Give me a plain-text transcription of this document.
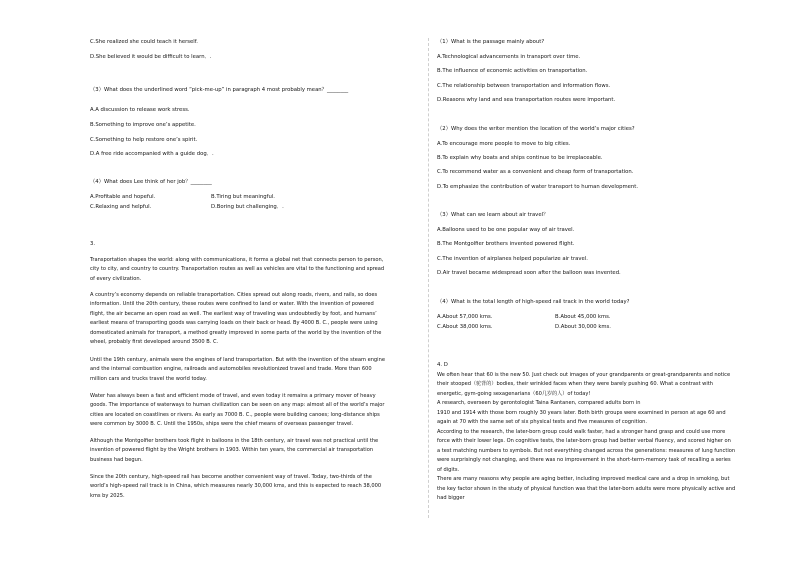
C.She realized she could teach it herself.
D.She believed it would be difficult to learn．.
（3）What does the underlined word “pick-me-up” in paragraph 4 most probably mean？________
A.A discussion to release work stress.
B.Something to improve one’s appetite.
C.Something to help restore one’s spirit.
D.A free ride accompanied with a guide dog．.
（4）What does Lee think of her job？________
A.Profitable and hopeful.	B.Tiring but meaningful.
C.Relaxing and helpful.	D.Boring but challenging．.
3.
Transportation shapes the world: along with communications, it forms a global net that connects person to person,
city to city, and country to country. Transportation routes as well as vehicles are vital to the functioning and spread
of every civilization.
A country’s economy depends on reliable transportation. Cities spread out along roads, rivers, and rails, so does
information. Until the 20th century, these routes were confined to land or water. With the invention of powered
flight, the air became an open road as well. The earliest way of traveling was undoubtedly by foot, and humans’
earliest means of transporting goods was carrying loads on their back or head. By 4000 B. C., people were using
domesticated animals for transport, a method greatly improved in some parts of the world by the invention of the
wheel, probably first developed around 3500 B. C.
Until the 19th century, animals were the engines of land transportation. But with the invention of the steam engine
and the internal combustion engine, railroads and automobiles revolutionized travel and trade. More than 600
million cars and trucks travel the world today.
Water has always been a fast and efficient mode of travel, and even today it remains a primary mover of heavy
goods. The importance of waterways to human civilization can be seen on any map: almost all of the world’s major
cities are located on coastlines or rivers. As early as 7000 B. C., people were building canoes; long-distance ships
were common by 3000 B. C. Until the 1950s, ships were the chief means of overseas passenger travel.
Although the Montgolfier brothers took flight in balloons in the 18th century, air travel was not practical until the
invention of powered flight by the Wright brothers in 1903. Within ten years, the commercial air transportation
business had begun.
Since the 20th century, high-speed rail has become another convenient way of travel. Today, two-thirds of the
world’s high-speed rail track is in China, which measures nearly 30,000 kms, and this is expected to reach 38,000
kms by 2025.
（1）What is the passage mainly about?
A.Technological advancements in transport over time.
B.The influence of economic activities on transportation.
C.The relationship between transportation and information flows.
D.Reasons why land and sea transportation routes were important.
（2）Why does the writer mention the location of the world’s major cities?
A.To encourage more people to move to big cities.
B.To explain why boats and ships continue to be irreplaceable.
C.To recommend water as a convenient and cheap form of transportation.
D.To emphasize the contribution of water transport to human development.
（3）What can we learn about air travel？
A.Balloons used to be one popular way of air travel.
B.The Montgolfier brothers invented powered flight.
C.The invention of airplanes helped popularize air travel.
D.Air travel became widespread soon after the balloon was invented.
（4）What is the total length of high-speed rail track in the world today?
A.About 57,000 kms.	B.About 45,000 kms.
C.About 38,000 kms.	D.About 30,000 kms.
4. D
We often hear that 60 is the new 50. Just check out images of your grandparents or great-grandparents and notice
their stooped（驼背的）bodies, their wrinkled faces when they were barely pushing 60. What a contrast with
energetic, gym-going sexagenarians（60几岁的人）of today!
A research, overseen by gerontologist Taina Rantanen, compared adults born in
1910 and 1914 with those born roughly 30 years later. Both birth groups were examined in person at age 60 and
again at 70 with the same set of six physical tests and five measures of cognition.
According to the research, the later-born group could walk faster, had a stronger hand grasp and could use more
force with their lower legs. On cognitive tests, the later-born group had better verbal fluency, and scored higher on
a test matching numbers to symbols. But not everything changed across the generations: measures of lung function
were surprisingly not changing, and there was no improvement in the short-term-memory task of recalling a series
of digits.
There are many reasons why people are aging better, including improved medical care and a drop in smoking, but
the key factor shown in the study of physical function was that the later-born adults were more physically active and
had bigger
